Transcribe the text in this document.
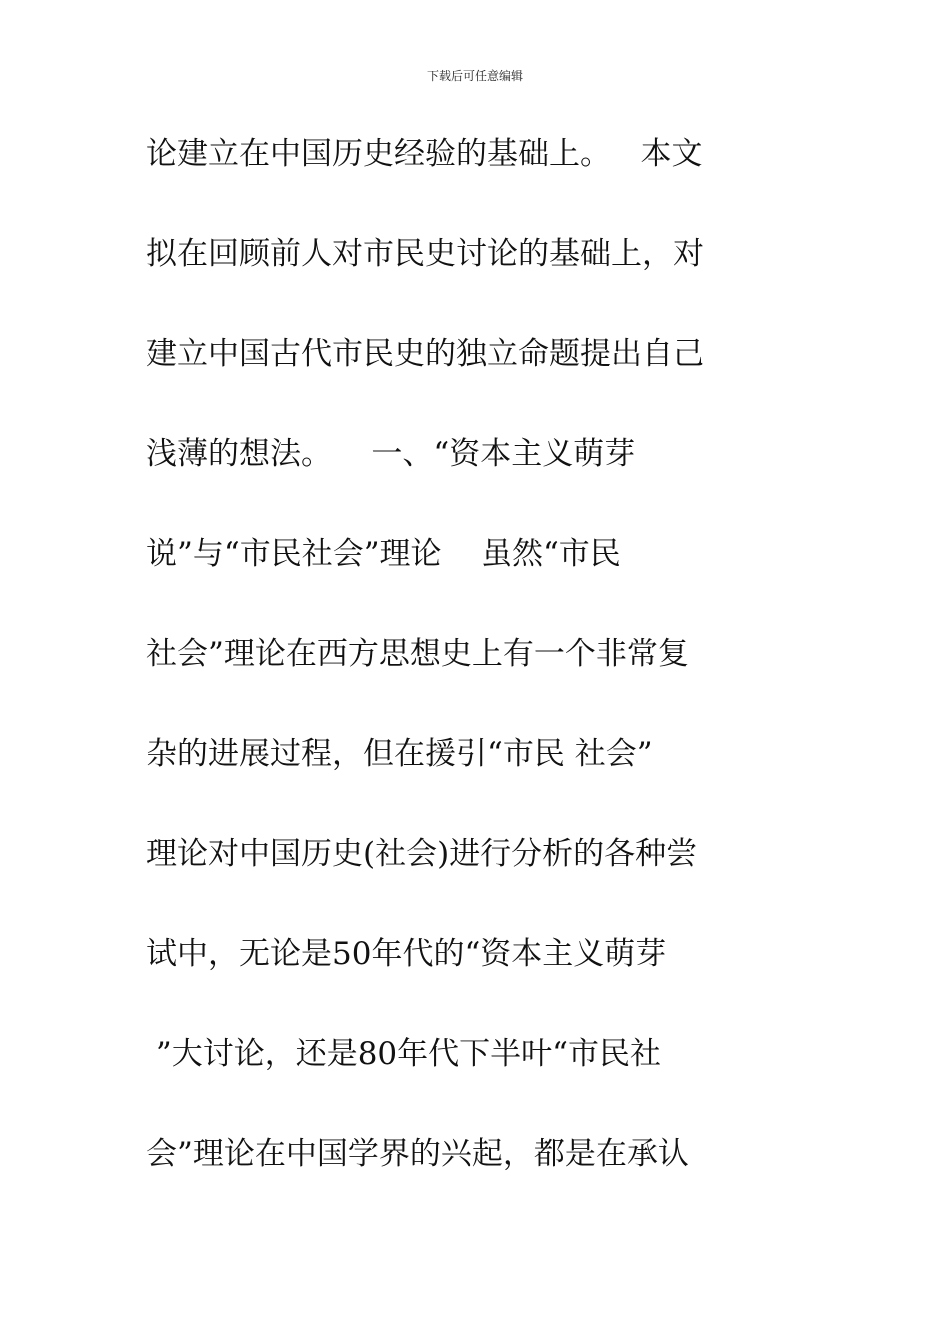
下载后可任意编辑
论建立在中国历史经验的基础上。   本文
拟在回顾前人对市民史讨论的基础上，对
建立中国古代市民史的独立命题提出自己
浅薄的想法。    一、“资本主义萌芽
说”与“市民社会”理论    虽然“市民
社会”理论在西方思想史上有一个非常复
杂的进展过程，但在援引“市民 社会”
理论对中国历史(社会)进行分析的各种尝
试中，无论是50年代的“资本主义萌芽
”大讨论，还是80年代下半叶“市民社
会”理论在中国学界的兴起，都是在承认
